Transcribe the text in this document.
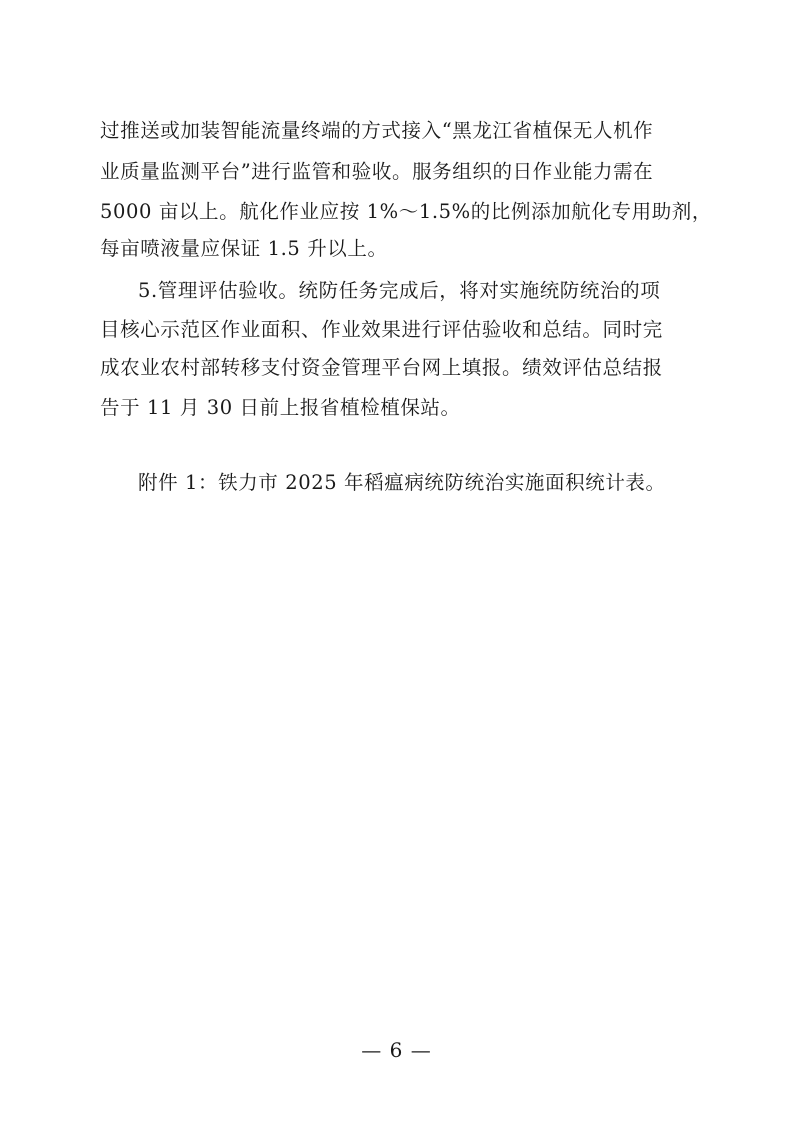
过推送或加装智能流量终端的方式接入“黑龙江省植保无人机作
业质量监测平台”进行监管和验收。服务组织的日作业能力需在
5000 亩以上。航化作业应按 1%～1.5%的比例添加航化专用助剂，
每亩喷液量应保证 1.5 升以上。
5.管理评估验收。统防任务完成后，将对实施统防统治的项
目核心示范区作业面积、作业效果进行评估验收和总结。同时完
成农业农村部转移支付资金管理平台网上填报。绩效评估总结报
告于 11 月 30 日前上报省植检植保站。
附件 1：铁力市 2025 年稻瘟病统防统治实施面积统计表。
— 6 —
